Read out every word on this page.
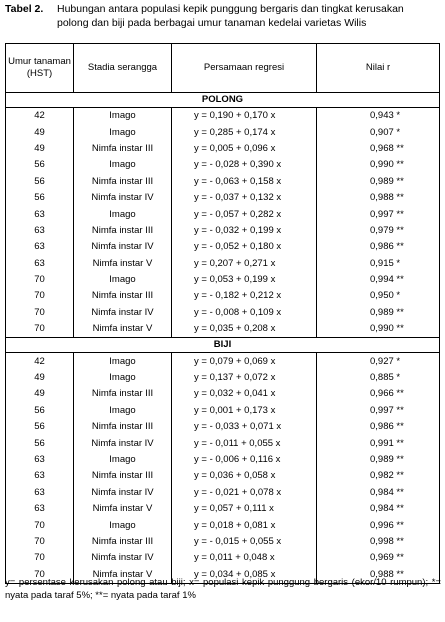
Tabel 2. Hubungan antara populasi kepik punggung bergaris dan tingkat kerusakan
polong dan biji pada berbagai umur tanaman kedelai varietas Wilis
Umur tanaman
(HST)	Stadia serangga	Persamaan regresi	Nilai r
POLONG			
42	Imago	y = 0,190 + 0,170 x	0,943 *
49	Imago	y = 0,285 + 0,174 x	0,907 *
49	Nimfa instar III	y = 0,005 + 0,096 x	0,968 **
56	Imago	y = - 0,028 + 0,390 x	0,990 **
56	Nimfa instar III	y = - 0,063 + 0,158 x	0,989 **
56	Nimfa instar IV	y = - 0,037 + 0,132 x	0,988 **
63	Imago	y = - 0,057 + 0,282 x	0,997 **
63	Nimfa instar III	y = - 0,032 + 0,199 x	0,979 **
63	Nimfa instar IV	y = - 0,052 + 0,180 x	0,986 **
63	Nimfa instar V	y = 0,207 + 0,271 x	0,915 *
70	Imago	y = 0,053 + 0,199 x	0,994 **
70	Nimfa instar III	y = - 0,182 + 0,212 x	0,950 *
70	Nimfa instar IV	y = - 0,008 + 0,109 x	0,989 **
70	Nimfa instar V	y = 0,035 + 0,208 x	0,990 **
BIJI			
42	Imago	y = 0,079 + 0,069 x	0,927 *
49	Imago	y = 0,137 + 0,072 x	0,885 *
49	Nimfa instar III	y = 0,032 + 0,041 x	0,966 **
56	Imago	y = 0,001 + 0,173 x	0,997 **
56	Nimfa instar III	y = - 0,033 + 0,071 x	0,986 **
56	Nimfa instar IV	y = - 0,011 + 0,055 x	0,991 **
63	Imago	y = - 0,006 + 0,116 x	0,989 **
63	Nimfa instar III	y = 0,036 + 0,058 x	0,982 **
63	Nimfa instar IV	y = - 0,021 + 0,078 x	0,984 **
63	Nimfa instar V	y = 0,057 + 0,111 x	0,984 **
70	Imago	y = 0,018 + 0,081 x	0,996 **
70	Nimfa instar III	y = - 0,015 + 0,055 x	0,998 **
70	Nimfa instar IV	y = 0,011 + 0,048 x	0,969 **
70	Nimfa instar V	y = 0,034 + 0,085 x	0,988 **
y= persentase kerusakan polong atau biji; x= populasi kepik punggung bergaris (ekor/10 rumpun); *= nyata pada taraf 5%; **= nyata pada taraf 1%
